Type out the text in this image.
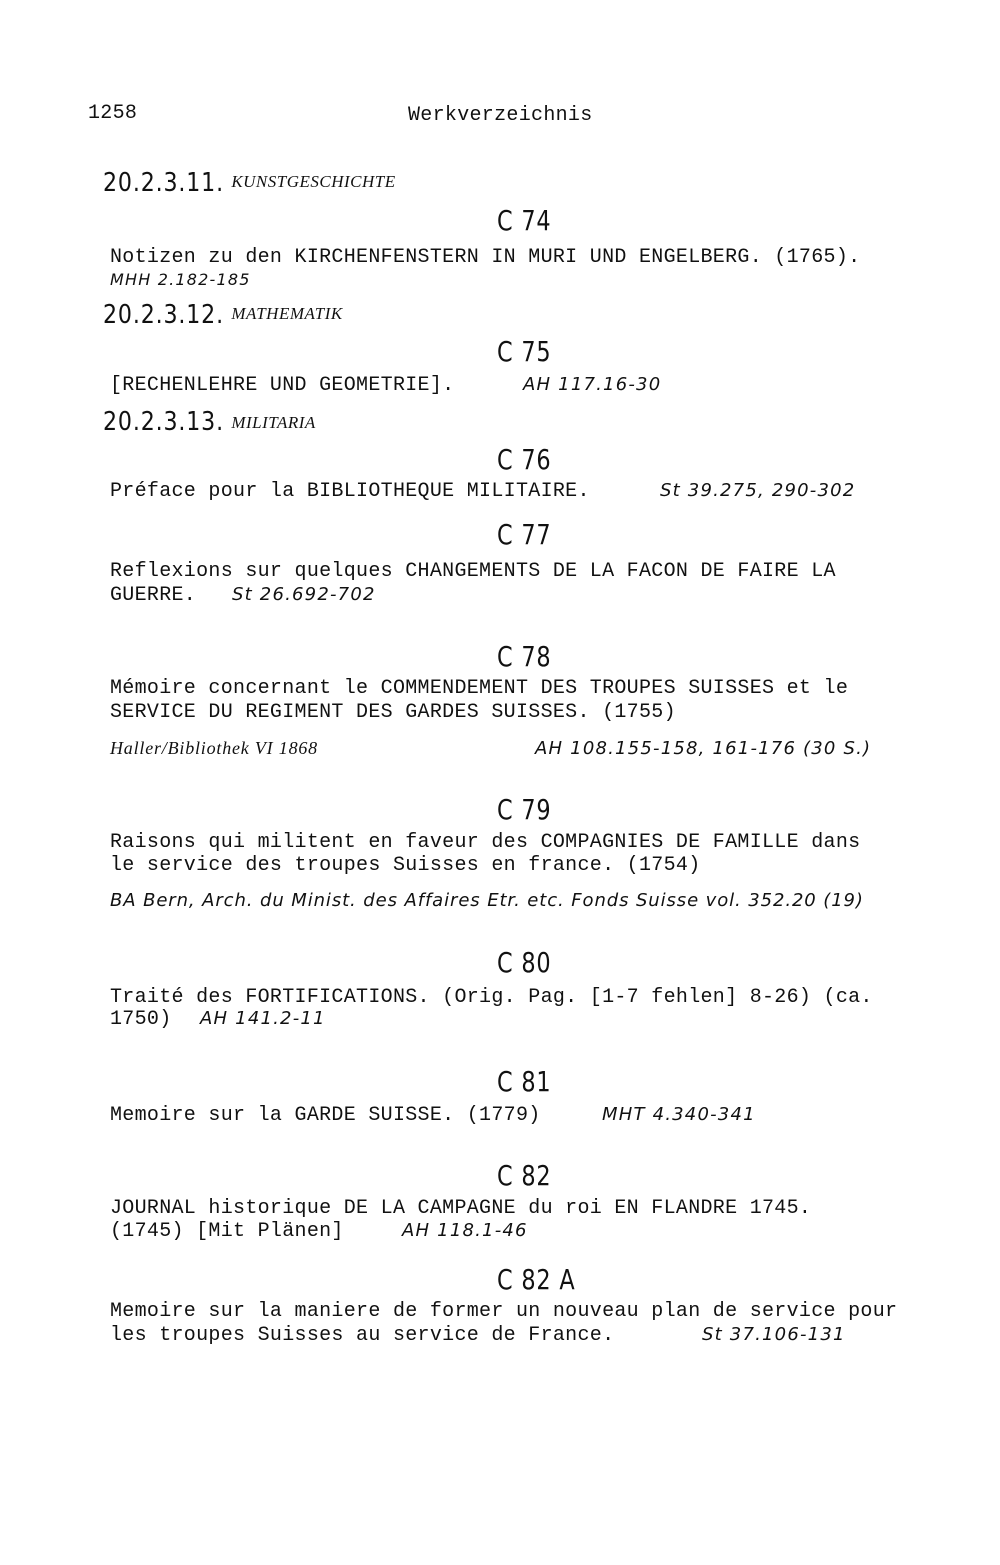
1258	Werkverzeichnis
20.2.3.11. KUNSTGESCHICHTE
C 74
Notizen zu den KIRCHENFENSTERN IN MURI UND ENGELBERG. (1765).
MHH 2.182-185
20.2.3.12. MATHEMATIK
C 75
[RECHENLEHRE UND GEOMETRIE].	AH 117.16-30
20.2.3.13. MILITARIA
C 76
Préface pour la BIBLIOTHEQUE MILITAIRE.	St 39.275, 290-302
C 77
Reflexions sur quelques CHANGEMENTS DE LA FACON DE FAIRE LA
GUERRE. St 26.692-702
C 78
Mémoire concernant le COMMENDEMENT DES TROUPES SUISSES et le
SERVICE DU REGIMENT DES GARDES SUISSES. (1755)
Haller/Bibliothek VI 1868	AH 108.155-158, 161-176 (30 S.)
C 79
Raisons qui militent en faveur des COMPAGNIES DE FAMILLE dans
le service des troupes Suisses en france. (1754)
BA Bern, Arch. du Minist. des Affaires Etr. etc. Fonds Suisse vol. 352.20 (19)
C 80
Traité des FORTIFICATIONS. (Orig. Pag. [1-7 fehlen] 8-26) (ca.
1750) AH 141.2-11
C 81
Memoire sur la GARDE SUISSE. (1779)	MHT 4.340-341
C 82
JOURNAL historique DE LA CAMPAGNE du roi EN FLANDRE 1745.
(1745) [Mit Plänen]	AH 118.1-46
C 82 A
Memoire sur la maniere de former un nouveau plan de service pour
les troupes Suisses au service de France.	St 37.106-131
